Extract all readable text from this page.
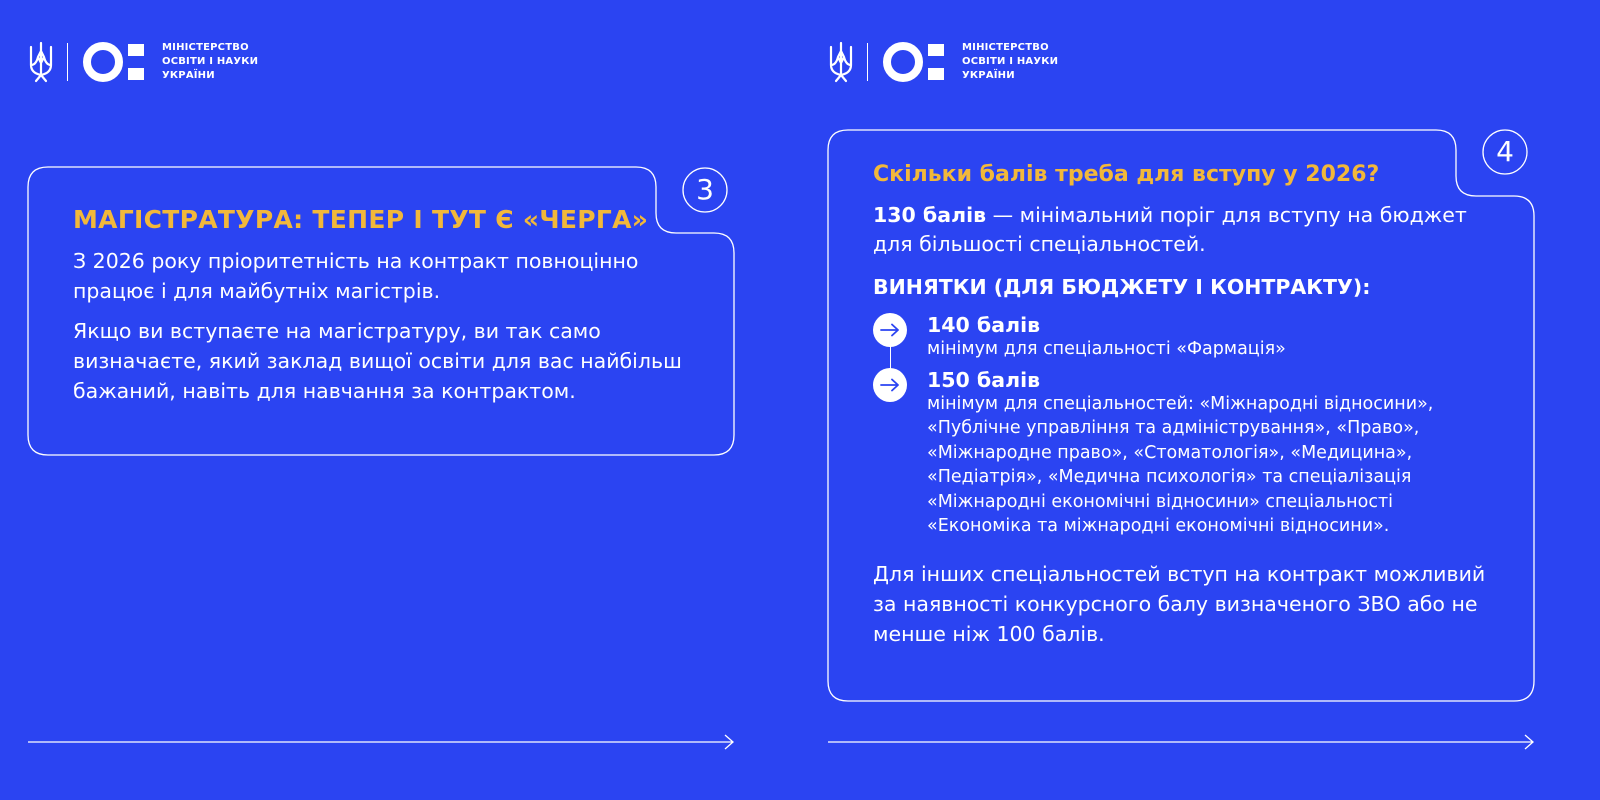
МІНІСТЕРСТВО
ОСВІТИ І НАУКИ
УКРАЇНИ
МІНІСТЕРСТВО
ОСВІТИ І НАУКИ
УКРАЇНИ
3
4
МАГІСТРАТУРА: ТЕПЕР І ТУТ Є «ЧЕРГА»

З 2026 року пріоритетність на контракт повноцінно працює і для майбутніх магістрів.

Якщо ви вступаєте на магістратуру, ви так само визначаєте, який заклад вищої освіти для вас найбільш бажаний, навіть для навчання за контрактом.

Скільки балів треба для вступу у 2026?

130 балів — мінімальний поріг для вступу на бюджет для більшості спеціальностей.

ВИНЯТКИ (ДЛЯ БЮДЖЕТУ І КОНТРАКТУ):
140 балів
мінімум для спеціальності «Фармація»
150 балів
мінімум для спеціальностей: «Міжнародні відносини», «Публічне управління та адміністрування», «Право», «Міжнародне право», «Стоматологія», «Медицина», «Педіатрія», «Медична психологія» та спеціалізація «Міжнародні економічні відносини» спеціальності «Економіка та міжнародні економічні відносини».

Для інших спеціальностей вступ на контракт можливий за наявності конкурсного балу визначеного ЗВО або не менше ніж 100 балів.
